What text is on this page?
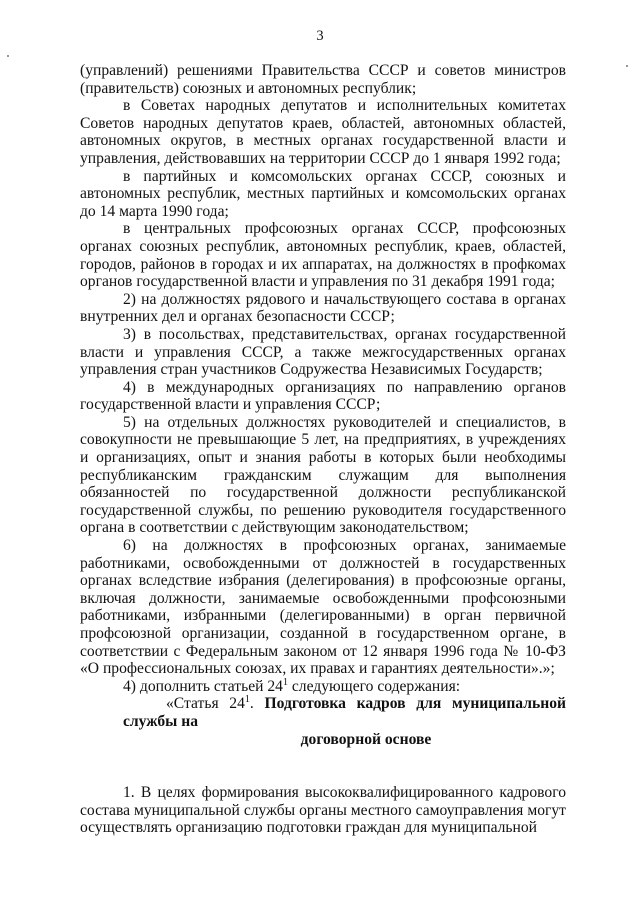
3

(управлений) решениями Правительства СССР и советов министров (правительств) союзных и автономных республик;

в Советах народных депутатов и исполнительных комитетах Советов народных депутатов краев, областей, автономных областей, автономных округов, в местных органах государственной власти и управления, действовавших на территории СССР до 1 января 1992 года;

в партийных и комсомольских органах СССР, союзных и автономных республик, местных партийных и комсомольских органах до 14 марта 1990 года;

в центральных профсоюзных органах СССР, профсоюзных органах союзных республик, автономных республик, краев, областей, городов, районов в городах и их аппаратах, на должностях в профкомах органов государственной власти и управления по 31 декабря 1991 года;

2) на должностях рядового и начальствующего состава в органах внутренних дел и органах безопасности СССР;

3) в посольствах, представительствах, органах государственной власти и управления СССР, а также межгосударственных органах управления стран участников Содружества Независимых Государств;

4) в международных организациях по направлению органов государственной власти и управления СССР;

5) на отдельных должностях руководителей и специалистов, в совокупности не превышающие 5 лет, на предприятиях, в учреждениях и организациях, опыт и знания работы в которых были необходимы республиканским гражданским служащим для выполнения обязанностей по государственной должности республиканской государственной службы, по решению руководителя государственного органа в соответствии с действующим законодательством;

6) на должностях в профсоюзных органах, занимаемые работниками, освобожденными от должностей в государственных органах вследствие избрания (делегирования) в профсоюзные органы, включая должности, занимаемые освобожденными профсоюзными работниками, избранными (делегированными) в орган первичной профсоюзной организации, созданной в государственном органе, в соответствии с Федеральным законом от 12 января 1996 года № 10-ФЗ «О профессиональных союзах, их правах и гарантиях деятельности».»;

4) дополнить статьей $24^1$ следующего содержания:

«Статья $24^1$. Подготовка кадров для муниципальной службы на

договорной основе

1. В целях формирования высококвалифицированного кадрового состава муниципальной службы органы местного самоуправления могут осуществлять организацию подготовки граждан для муниципальной
